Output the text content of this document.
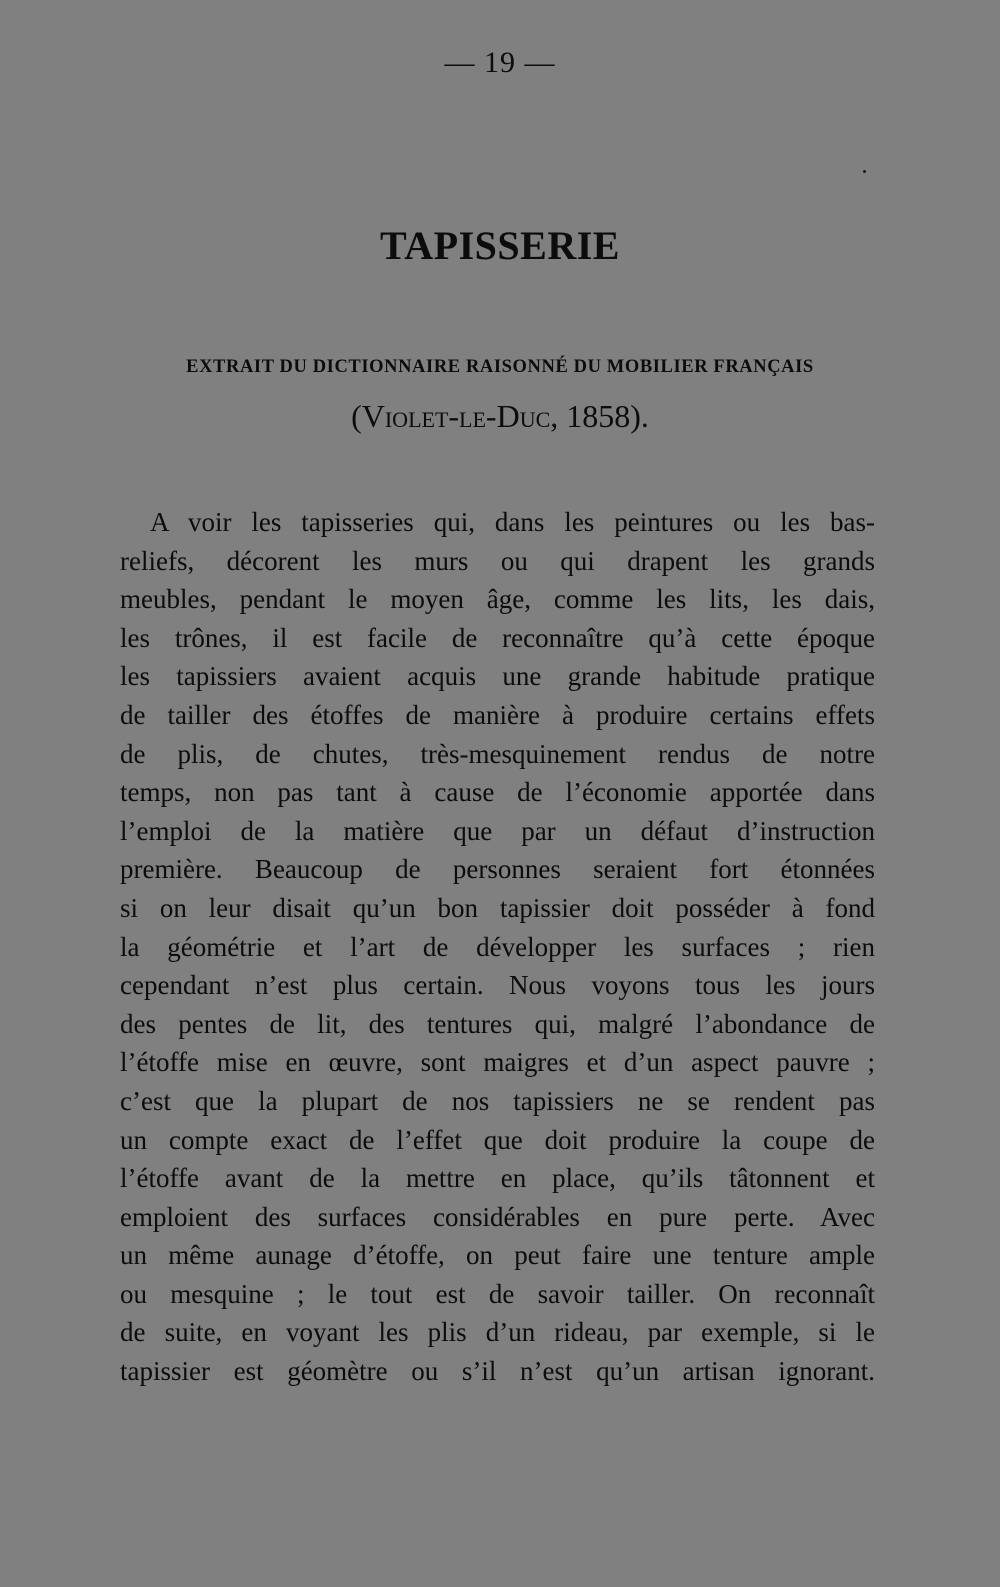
— 19 —
TAPISSERIE
EXTRAIT DU DICTIONNAIRE RAISONNÉ DU MOBILIER FRANÇAIS
(Violet-le-Duc, 1858).
A voir les tapisseries qui, dans les peintures ou les bas-
reliefs, décorent les murs ou qui drapent les grands
meubles, pendant le moyen âge, comme les lits, les dais,
les trônes, il est facile de reconnaître qu’à cette époque
les tapissiers avaient acquis une grande habitude pratique
de tailler des étoffes de manière à produire certains effets
de plis, de chutes, très-mesquinement rendus de notre
temps, non pas tant à cause de l’économie apportée dans
l’emploi de la matière que par un défaut d’instruction
première. Beaucoup de personnes seraient fort étonnées
si on leur disait qu’un bon tapissier doit posséder à fond
la géométrie et l’art de développer les surfaces ; rien
cependant n’est plus certain. Nous voyons tous les jours
des pentes de lit, des tentures qui, malgré l’abondance de
l’étoffe mise en œuvre, sont maigres et d’un aspect pauvre ;
c’est que la plupart de nos tapissiers ne se rendent pas
un compte exact de l’effet que doit produire la coupe de
l’étoffe avant de la mettre en place, qu’ils tâtonnent et
emploient des surfaces considérables en pure perte. Avec
un même aunage d’étoffe, on peut faire une tenture ample
ou mesquine ; le tout est de savoir tailler. On reconnaît
de suite, en voyant les plis d’un rideau, par exemple, si le
tapissier est géomètre ou s’il n’est qu’un artisan ignorant.
